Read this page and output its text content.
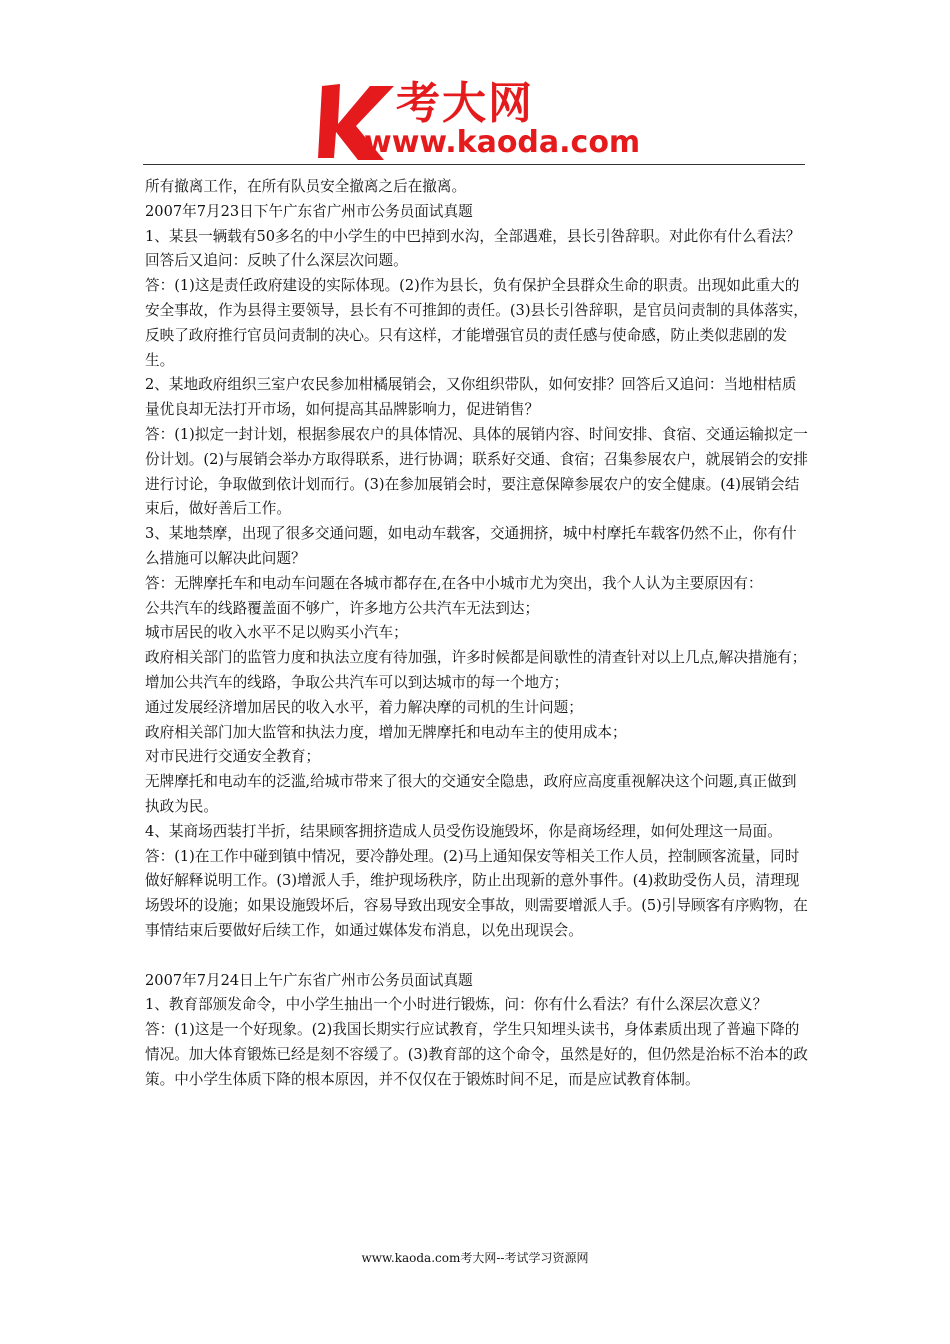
考大网
www.kaoda.com

所有撤离工作，在所有队员安全撤离之后在撤离。

2007年7月23日下午广东省广州市公务员面试真题

1、某县一辆载有50多名的中小学生的中巴掉到水沟，全部遇难，县长引咎辞职。对此你有什么看法？回答后又追问：反映了什么深层次问题。

答：(1)这是责任政府建设的实际体现。(2)作为县长，负有保护全县群众生命的职责。出现如此重大的安全事故，作为县得主要领导，县长有不可推卸的责任。(3)县长引咎辞职，是官员问责制的具体落实，反映了政府推行官员问责制的决心。只有这样，才能增强官员的责任感与使命感，防止类似悲剧的发生。

2、某地政府组织三室户农民参加柑橘展销会，又你组织带队，如何安排？回答后又追问：当地柑桔质量优良却无法打开市场，如何提高其品牌影响力，促进销售？

答：(1)拟定一封计划，根据参展农户的具体情况、具体的展销内容、时间安排、食宿、交通运输拟定一份计划。(2)与展销会举办方取得联系，进行协调；联系好交通、食宿；召集参展农户，就展销会的安排进行讨论，争取做到依计划而行。(3)在参加展销会时，要注意保障参展农户的安全健康。(4)展销会结束后，做好善后工作。

3、某地禁摩，出现了很多交通问题，如电动车载客，交通拥挤，城中村摩托车载客仍然不止，你有什么措施可以解决此问题？

答：无牌摩托车和电动车问题在各城市都存在,在各中小城市尤为突出，我个人认为主要原因有：

公共汽车的线路覆盖面不够广，许多地方公共汽车无法到达；

城市居民的收入水平不足以购买小汽车；

政府相关部门的监管力度和执法立度有待加强，许多时候都是间歇性的清查针对以上几点,解决措施有；

增加公共汽车的线路，争取公共汽车可以到达城市的每一个地方；

通过发展经济增加居民的收入水平，着力解决摩的司机的生计问题；

政府相关部门加大监管和执法力度，增加无牌摩托和电动车主的使用成本；

对市民进行交通安全教育；

无牌摩托和电动车的泛滥,给城市带来了很大的交通安全隐患，政府应高度重视解决这个问题,真正做到执政为民。

4、某商场西装打半折，结果顾客拥挤造成人员受伤设施毁坏，你是商场经理，如何处理这一局面。

答：(1)在工作中碰到镇中情况，要冷静处理。(2)马上通知保安等相关工作人员，控制顾客流量，同时做好解释说明工作。(3)增派人手，维护现场秩序，防止出现新的意外事件。(4)救助受伤人员，清理现场毁坏的设施；如果设施毁坏后，容易导致出现安全事故，则需要增派人手。(5)引导顾客有序购物，在事情结束后要做好后续工作，如通过媒体发布消息，以免出现误会。

2007年7月24日上午广东省广州市公务员面试真题

1、教育部颁发命令，中小学生抽出一个小时进行锻炼，问：你有什么看法？有什么深层次意义？

答：(1)这是一个好现象。(2)我国长期实行应试教育，学生只知埋头读书，身体素质出现了普遍下降的情况。加大体育锻炼已经是刻不容缓了。(3)教育部的这个命令，虽然是好的，但仍然是治标不治本的政策。中小学生体质下降的根本原因，并不仅仅在于锻炼时间不足，而是应试教育体制。

www.kaoda.com考大网--考试学习资源网
